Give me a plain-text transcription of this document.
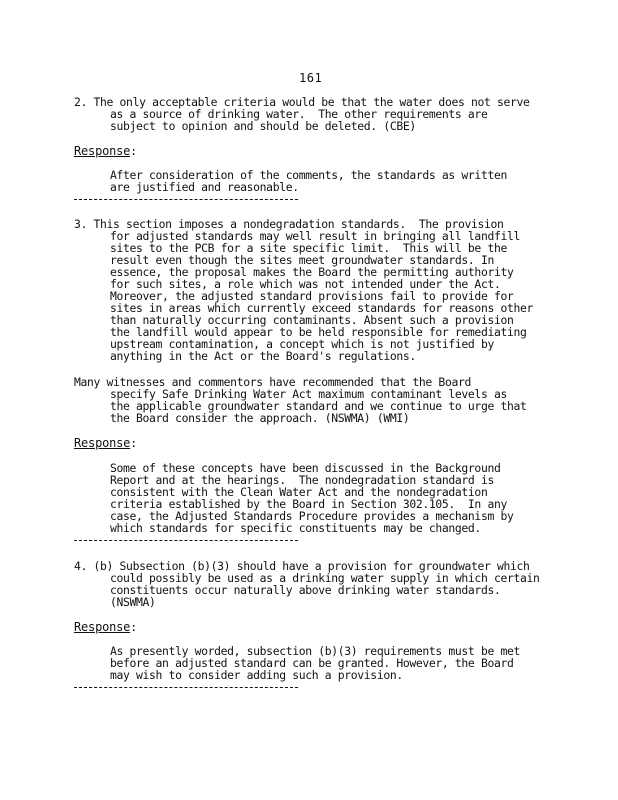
161
2. The only acceptable criteria would be that the water does not serve
as a source of drinking water.  The other requirements are
subject to opinion and should be deleted. (CBE)
Response:
After consideration of the comments, the standards as written
are justified and reasonable.
3. This section imposes a nondegradation standards.  The provision
for adjusted standards may well result in bringing all landfill
sites to the PCB for a site specific limit.  This will be the
result even though the sites meet groundwater standards. In
essence, the proposal makes the Board the permitting authority
for such sites, a role which was not intended under the Act.
Moreover, the adjusted standard provisions fail to provide for
sites in areas which currently exceed standards for reasons other
than naturally occurring contaminants. Absent such a provision
the landfill would appear to be held responsible for remediating
upstream contamination, a concept which is not justified by
anything in the Act or the Board's regulations.
Many witnesses and commentors have recommended that the Board
specify Safe Drinking Water Act maximum contaminant levels as
the applicable groundwater standard and we continue to urge that
the Board consider the approach. (NSWMA) (WMI)
Response:
Some of these concepts have been discussed in the Background
Report and at the hearings.  The nondegradation standard is
consistent with the Clean Water Act and the nondegradation
criteria established by the Board in Section 302.105.  In any
case, the Adjusted Standards Procedure provides a mechanism by
which standards for specific constituents may be changed.
4. (b) Subsection (b)(3) should have a provision for groundwater which
could possibly be used as a drinking water supply in which certain
constituents occur naturally above drinking water standards.
(NSWMA)
Response:
As presently worded, subsection (b)(3) requirements must be met
before an adjusted standard can be granted. However, the Board
may wish to consider adding such a provision.
